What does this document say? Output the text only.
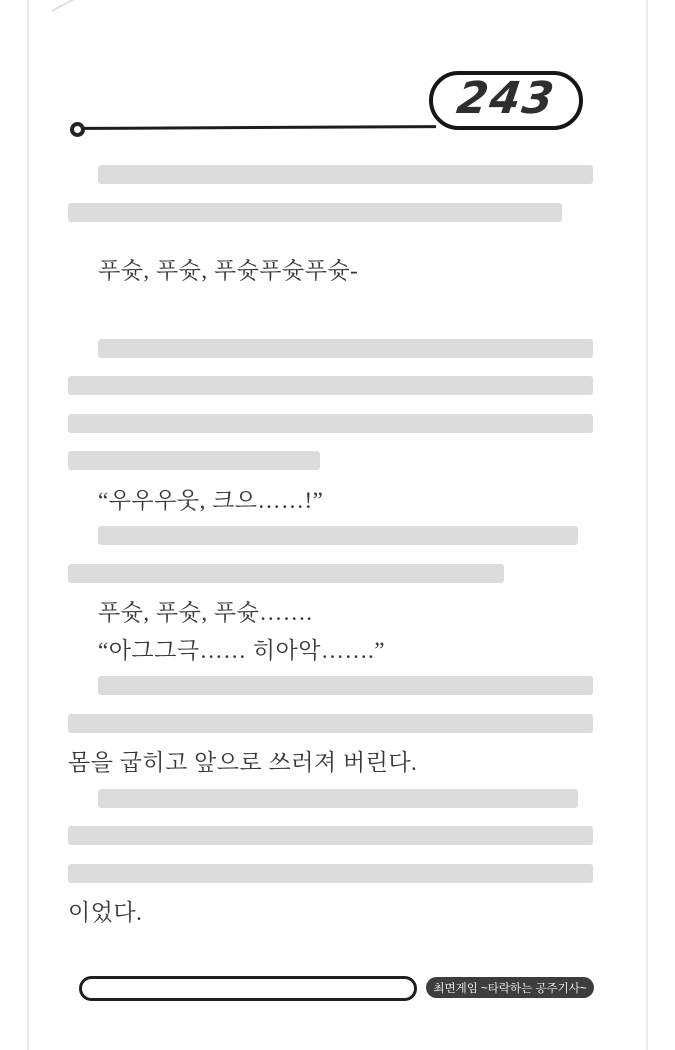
243
푸슛, 푸슛, 푸슛푸슛푸슛-
“우우우웃, 크으……!”
푸슛, 푸슛, 푸슛…….
“아그그극…… 히아악…….”
몸을 굽히고 앞으로 쓰러져 버린다.
이었다.
최면게임 ~타락하는 공주기사~
